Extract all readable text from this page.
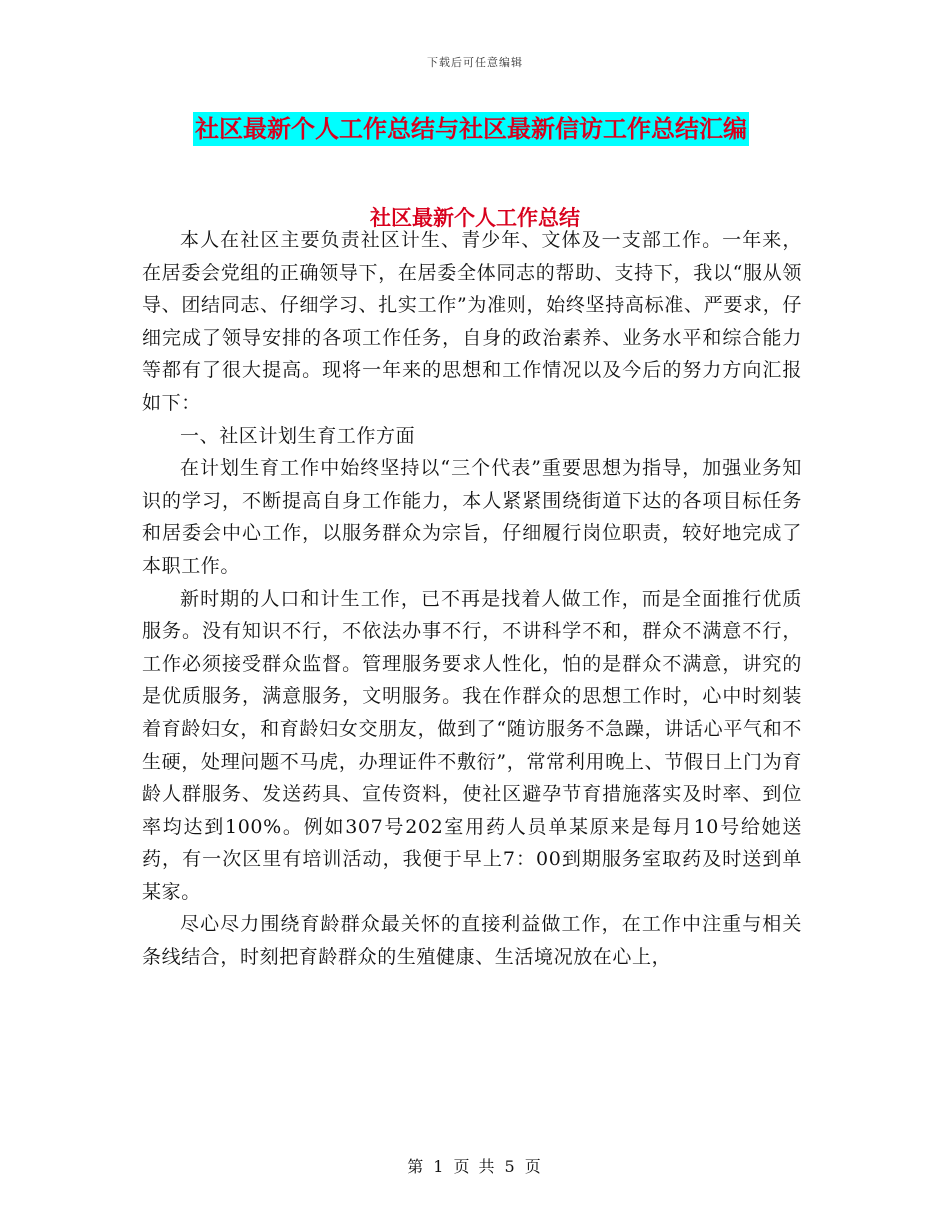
下载后可任意编辑
社区最新个人工作总结与社区最新信访工作总结汇编
社区最新个人工作总结

本人在社区主要负责社区计生、青少年、文体及一支部工作。一年来，在居委会党组的正确领导下，在居委全体同志的帮助、支持下，我以“服从领导、团结同志、仔细学习、扎实工作”为准则，始终坚持高标准、严要求，仔细完成了领导安排的各项工作任务，自身的政治素养、业务水平和综合能力等都有了很大提高。现将一年来的思想和工作情况以及今后的努力方向汇报如下：

一、社区计划生育工作方面

在计划生育工作中始终坚持以“三个代表”重要思想为指导，加强业务知识的学习，不断提高自身工作能力，本人紧紧围绕街道下达的各项目标任务和居委会中心工作，以服务群众为宗旨，仔细履行岗位职责，较好地完成了本职工作。

新时期的人口和计生工作，已不再是找着人做工作，而是全面推行优质服务。没有知识不行，不依法办事不行，不讲科学不和，群众不满意不行，工作必须接受群众监督。管理服务要求人性化，怕的是群众不满意，讲究的是优质服务，满意服务，文明服务。我在作群众的思想工作时，心中时刻装着育龄妇女，和育龄妇女交朋友，做到了“随访服务不急躁，讲话心平气和不生硬，处理问题不马虎，办理证件不敷衍”，常常利用晚上、节假日上门为育龄人群服务、发送药具、宣传资料，使社区避孕节育措施落实及时率、到位率均达到100%。例如307号202室用药人员单某原来是每月10号给她送药，有一次区里有培训活动，我便于早上7：00到期服务室取药及时送到单某家。

尽心尽力围绕育龄群众最关怀的直接利益做工作，在工作中注重与相关条线结合，时刻把育龄群众的生殖健康、生活境况放在心上，

第 1 页 共 5 页
